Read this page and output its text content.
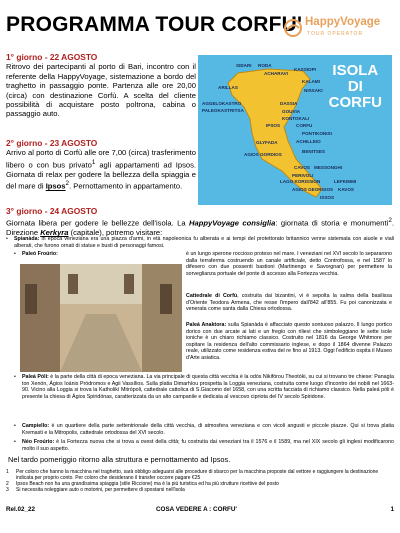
PROGRAMMA TOUR CORFU' HappyVoyage
TOUR OPERATOR
1° giorno - 22 AGOSTO
Ritrovo dei partecipanti al porto di Bari, incontro con il referente della HappyVoyage, sistemazione a bordo del traghetto in passaggio ponte. Partenza alle ore 20,00 (circa) con destinazione Corfù. A scelta del cliente possibilità di acquistare posto poltrona, cabina o passaggio auto.
2° giorno - 23 AGOSTO
Arrivo al porto di Corfù alle ore 7,00 (circa) trasferimento libero o con bus privato$^1$ agli appartamenti ad Ipsos. Giornata di relax per godere la bellezza della spiaggia e del mare di Ipsos$^2$. Pernottamento in appartamento.
ISOLA
DI
CORFU
SIDARI RODA
KASSIOPI
ACHARAVI
KALAMI
ARILLAS
NISSAKI
AGGELOKASTRO	DASSIA
PALEOKASTRITSA	GOUVIA
KONTOKALI
IPSOS	CORFU
PONTIKONISI
GLYFADA	ACHILLEIO
AGIOS GORDIOS
BENITSES
MESSONGHI
CAVOS
PERIVOLI
LEFKIMMI
KAVOS
AGIOS GEORGIOS
LAGO KORISSION
ISSOS
3° giorno - 24 AGOSTO
Giornata libera per godere le bellezze dell'isola. La HappyVoyage consiglia: giornata di storia e monumenti$^2$. Direzione Kerkyra (capitale), potremo visitare:
• Spianàda: in epoca veneziana era una piazza d'armi, in età napoleonica fu alberata e ai tempi del protettorato britannico venne sistemata con aiuole e viali alberati, che furono ornati di statue e busti di personaggi famosi.
• Paleó Froúrio:	è un lungo sperone roccioso proteso nel mare. I veneziani nel XVI secolo lo separarono dalla terraferma costruendo un canale artificiale, detto Controfossa, e nel 1587 lo difesero con due possenti bastioni (Martinengo e Savorgnan) per permettere la sorveglianza portuale del ponte di accesso alla Fortezza vecchia.
Cattedrale di Corfù, costruita dai bizantini, vi è sepolta la salma della basilissa d'Oriente Teodora Armena, che resse l'impero dall'842 all'855. Fu poi canonizzata e venerata come santa dalla Chiesa ortodossa.
Paleá Anaktora: sulla Spianàda è affacciato questo sontuoso palazzo. Il lungo portico dorico con due arcate ai lati e un fregio con rilievi che simboleggiano le sette isole ioniche è un chiaro richiamo classico. Costruito nel 1816 da George Whitmore per ospitare la residenza dell'alto commissario inglese, e dopo il 1864 divenne Palazzo reale, utilizzato come residenza estiva del re fino al 1913. Oggi l'edificio ospita il Museo d'Arte asiatica.
• Paleá Póli: è la parte della città di epoca veneziana. La via principale di questa città vecchia è la odós Nikifórou Theotóki, su cui si trovano tre chiese: Panagía ton Xenón, Ágios Ioánis Pródromos e Agii Vassílios. Sulla platia Dimarhíou prospetta la Loggia veneziana, costruita come luogo d'incontro dei nobili nel 1663-90. Vicino alla Loggia si trova la Katholikí Mitrópoli, cattedrale cattolica di S.Giacomo del 1658, con una scritta facciata di richiamo classico. Nella paleá póli è presente la chiesa di Ágios Spiridónas, caratterizzata da un alto campanile e dedicata al vescovo cipriota del IV secolo Spiridone.
• Campiello: è un quartiere della parte settentrionale della città vecchia, di atmosfera veneziana e con vicoli angusti e piccole piazze. Qui si trova platia Kremasti e la Mitropolis, cattedrale ortodossa del XVI secolo.
• Néo Froúrio: è la Fortezza nuova che si trova a ovest della città; fu costruita dai veneziani tra il 1576 e il 1589, ma nel XIX secolo gli inglesi modificarono molto il suo aspetto.
Nel tardo pomeriggio ritorno alla struttura e pernottamento ad Ipsos.
1	Per coloro che hanno la macchina nel traghetto, sarà obbligo adeguarsi alle procedure di sbarco per la macchina proposte dal vettore e raggiungere la destinazione indicata per proprio conto. Per coloro che desiderano il transfer occorre pagare €25
2	Ipsos Beach non ha una grandissima spiaggia (stile Riccione) ma è la più turistica ed ha più strutture ricettive del posto
3	Si necessita noleggiare auto o motorini, per permettere di spostarsi nell'isola
Rel.02_22	COSA VEDERE A : CORFU'	1
